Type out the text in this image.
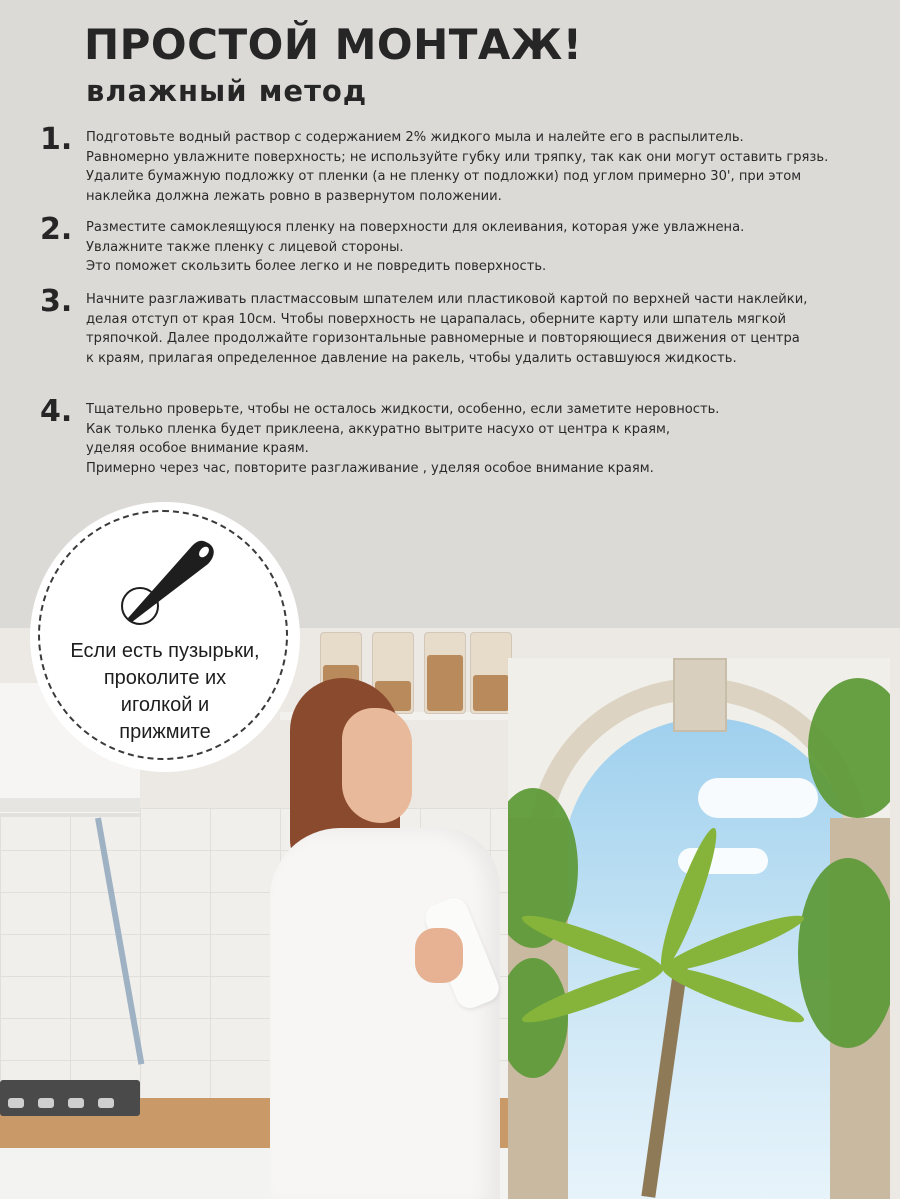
ПРОСТОЙ МОНТАЖ!
влажный метод
1. Подготовьте водный раствор с содержанием 2% жидкого мыла и налейте его в распылитель.
Равномерно увлажните поверхность; не используйте губку или тряпку, так как они могут оставить грязь.
Удалите бумажную подложку от пленки (а не пленку от подложки) под углом примерно 30', при этом
наклейка должна лежать ровно в развернутом положении.
2. Разместите самоклеящуюся пленку на поверхности для оклеивания, которая уже увлажнена.
Увлажните также пленку с лицевой стороны.
Это поможет скользить более легко и не повредить поверхность.
3. Начните разглаживать пластмассовым шпателем или пластиковой картой по верхней части наклейки,
делая отступ от края 10см. Чтобы поверхность не царапалась, оберните карту или шпатель мягкой
тряпочкой. Далее продолжайте горизонтальные равномерные и повторяющиеся движения от центра
к краям, прилагая определенное давление на ракель, чтобы удалить оставшуюся жидкость.
4. Тщательно проверьте, чтобы не осталось жидкости, особенно, если заметите неровность.
Как только пленка будет приклеена, аккуратно вытрите насухо от центра к краям,
уделяя особое внимание краям.
Примерно через час, повторите разглаживание , уделяя особое внимание краям.
Если есть пузырьки,
проколите их
иголкой и
прижмите
